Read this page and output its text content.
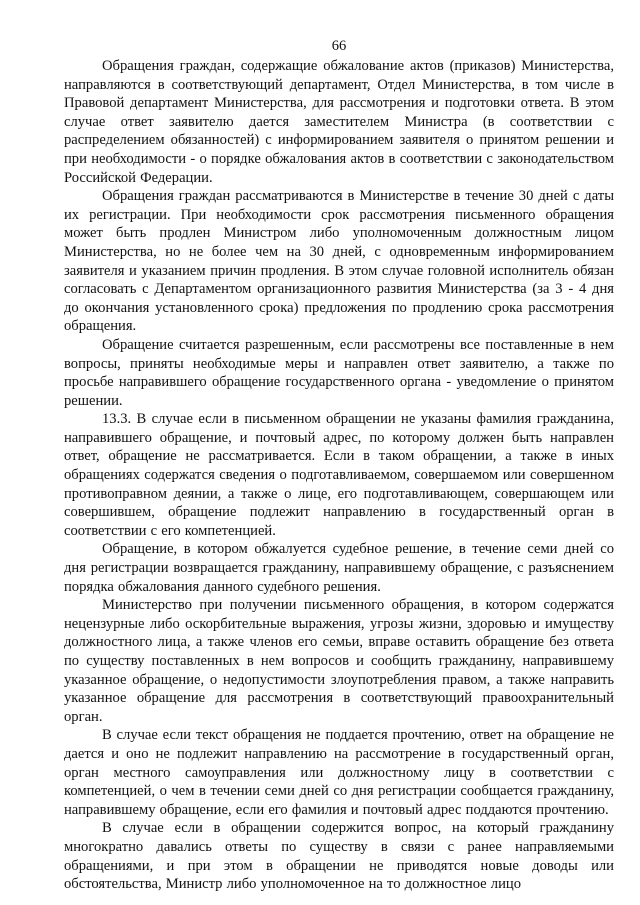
66

Обращения граждан, содержащие обжалование актов (приказов) Министерства, направляются в соответствующий департамент, Отдел Министерства, в том числе в Правовой департамент Министерства, для рассмотрения и подготовки ответа. В этом случае ответ заявителю дается заместителем Министра (в соответствии с распределением обязанностей) с информированием заявителя о принятом решении и при необходимости - о порядке обжалования актов в соответствии с законодательством Российской Федерации.

Обращения граждан рассматриваются в Министерстве в течение 30 дней с даты их регистрации. При необходимости срок рассмотрения письменного обращения может быть продлен Министром либо уполномоченным должностным лицом Министерства, но не более чем на 30 дней, с одновременным информированием заявителя и указанием причин продления. В этом случае головной исполнитель обязан согласовать с Департаментом организационного развития Министерства (за 3 - 4 дня до окончания установленного срока) предложения по продлению срока рассмотрения обращения.

Обращение считается разрешенным, если рассмотрены все поставленные в нем вопросы, приняты необходимые меры и направлен ответ заявителю, а также по просьбе направившего обращение государственного органа - уведомление о принятом решении.

13.3. В случае если в письменном обращении не указаны фамилия гражданина, направившего обращение, и почтовый адрес, по которому должен быть направлен ответ, обращение не рассматривается. Если в таком обращении, а также в иных обращениях содержатся сведения о подготавливаемом, совершаемом или совершенном противоправном деянии, а также о лице, его подготавливающем, совершающем или совершившем, обращение подлежит направлению в государственный орган в соответствии с его компетенцией.

Обращение, в котором обжалуется судебное решение, в течение семи дней со дня регистрации возвращается гражданину, направившему обращение, с разъяснением порядка обжалования данного судебного решения.

Министерство при получении письменного обращения, в котором содержатся нецензурные либо оскорбительные выражения, угрозы жизни, здоровью и имуществу должностного лица, а также членов его семьи, вправе оставить обращение без ответа по существу поставленных в нем вопросов и сообщить гражданину, направившему указанное обращение, о недопустимости злоупотребления правом, а также направить указанное обращение для рассмотрения в соответствующий правоохранительный орган.

В случае если текст обращения не поддается прочтению, ответ на обращение не дается и оно не подлежит направлению на рассмотрение в государственный орган, орган местного самоуправления или должностному лицу в соответствии с компетенцией, о чем в течении семи дней со дня регистрации сообщается гражданину, направившему обращение, если его фамилия и почтовый адрес поддаются прочтению.

В случае если в обращении содержится вопрос, на который гражданину многократно давались ответы по существу в связи с ранее направляемыми обращениями, и при этом в обращении не приводятся новые доводы или обстоятельства, Министр либо уполномоченное на то должностное лицо
